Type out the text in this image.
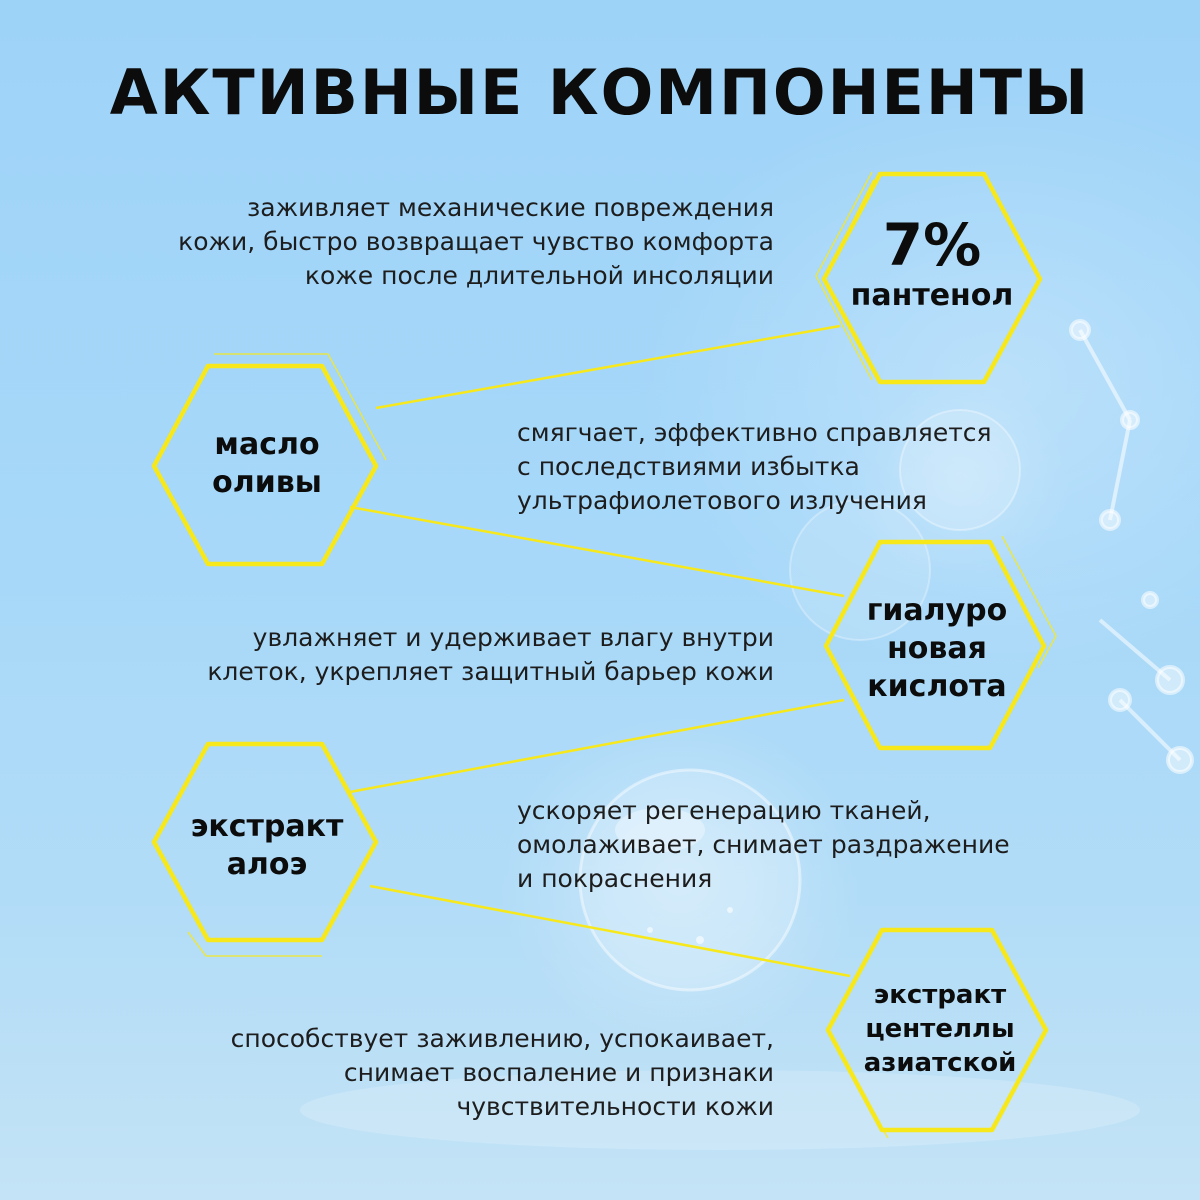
АКТИВНЫЕ КОМПОНЕНТЫ
7%
пантенол
масло
оливы
гиалуро
новая
кислота
экстракт
алоэ
экстракт
центеллы
азиатской
заживляет механические повреждения
кожи, быстро возвращает чувство комфорта
коже после длительной инсоляции
смягчает, эффективно справляется
с последствиями избытка
ультрафиолетового излучения
увлажняет и удерживает влагу внутри
клеток, укрепляет защитный барьер кожи
ускоряет регенерацию тканей,
омолаживает, снимает раздражение
и покраснения
способствует заживлению, успокаивает,
снимает воспаление и признаки
чувствительности кожи
